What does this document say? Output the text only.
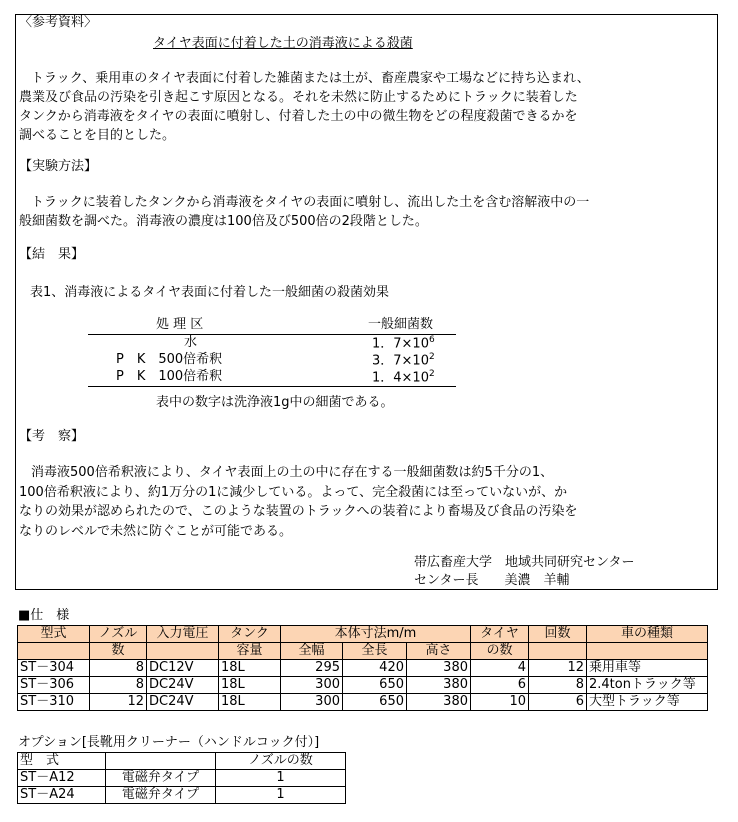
〈参考資料〉
タイヤ表面に付着した土の消毒液による殺菌
トラック、乗用車のタイヤ表面に付着した雑菌または土が、畜産農家や工場などに持ち込まれ、
農業及び食品の汚染を引き起こす原因となる。それを未然に防止するためにトラックに装着した
タンクから消毒液をタイヤの表面に噴射し、付着した土の中の微生物をどの程度殺菌できるかを
調べることを目的とした。
【実験方法】
トラックに装着したタンクから消毒液をタイヤの表面に噴射し、流出した土を含む溶解液中の一
般細菌数を調べた。消毒液の濃度は100倍及び500倍の2段階とした。
【結　果】
表1、消毒液によるタイヤ表面に付着した一般細菌の殺菌効果
処 理 区	一般細菌数
水	1．$7\times 10^6$
P　K　500倍希釈	3．$7\times 10^2$
P　K　100倍希釈	1．$4\times 10^2$
表中の数字は洗浄液1g中の細菌である。
【考　察】
消毒液500倍希釈液により、タイヤ表面上の土の中に存在する一般細菌数は約5千分の1、
100倍希釈液により、約1万分の1に減少している。よって、完全殺菌には至っていないが、か
なりの効果が認められたので、このような装置のトラックへの装着により畜場及び食品の汚染を
なりのレベルで未然に防ぐことが可能である。
帯広畜産大学　地域共同研究センター
センター長　　美濃　羊輔
■仕　様
型式	ノズル	入力電圧	タンク	本体寸法m/m			タイヤ	回数	車の種類
	数		容量	全幅	全長	高さ	の数		
ST－304	8	DC12V	18L	295	420	380	4	12	乗用車等
ST－306	8	DC24V	18L	300	650	380	6	8	2.4tonトラック等
ST－310	12	DC24V	18L	300	650	380	10	6	大型トラック等
オプション[長靴用クリーナー（ハンドルコック付）]
型　式		ノズルの数
ST－A12	電磁弁タイプ	1
ST－A24	電磁弁タイプ	1
